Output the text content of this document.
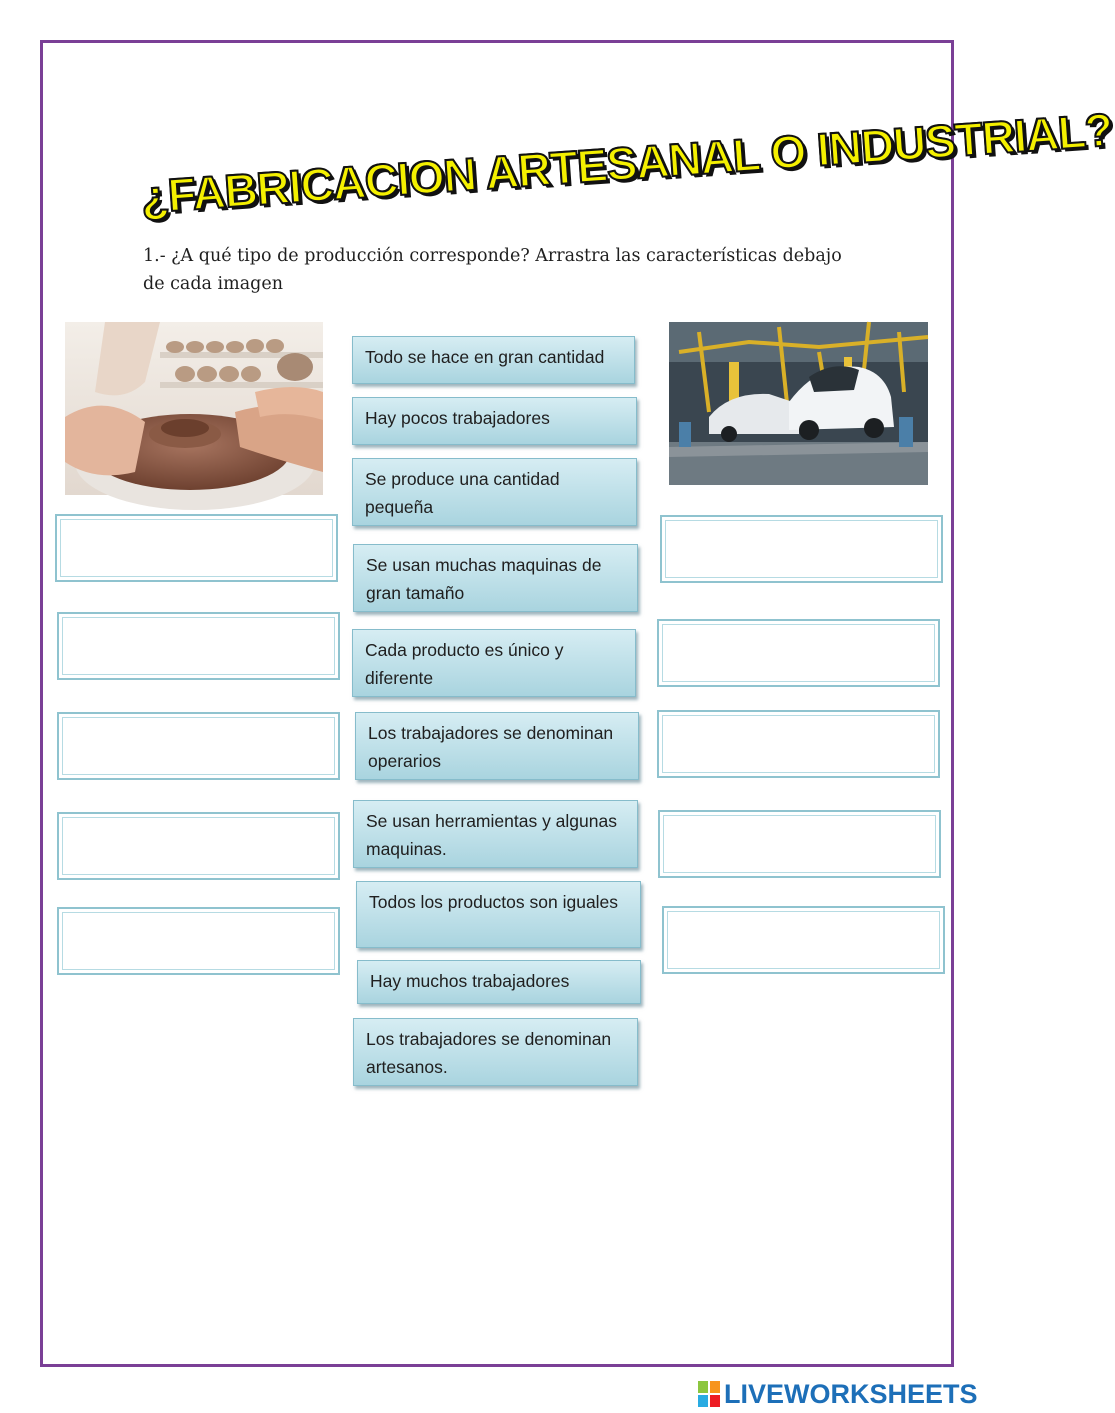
¿FABRICACION ARTESANAL O INDUSTRIAL?
1.- ¿A qué tipo de producción corresponde? Arrastra las características debajo de cada imagen
Todo se hace en gran cantidad
Hay pocos trabajadores
Se produce una cantidad pequeña
Se usan muchas maquinas de gran tamaño
Cada producto es único y diferente
Los trabajadores se denominan operarios
Se usan herramientas y algunas maquinas.
Todos los productos son iguales
Hay muchos trabajadores
Los trabajadores se denominan artesanos.
LIVEWORKSHEETS
